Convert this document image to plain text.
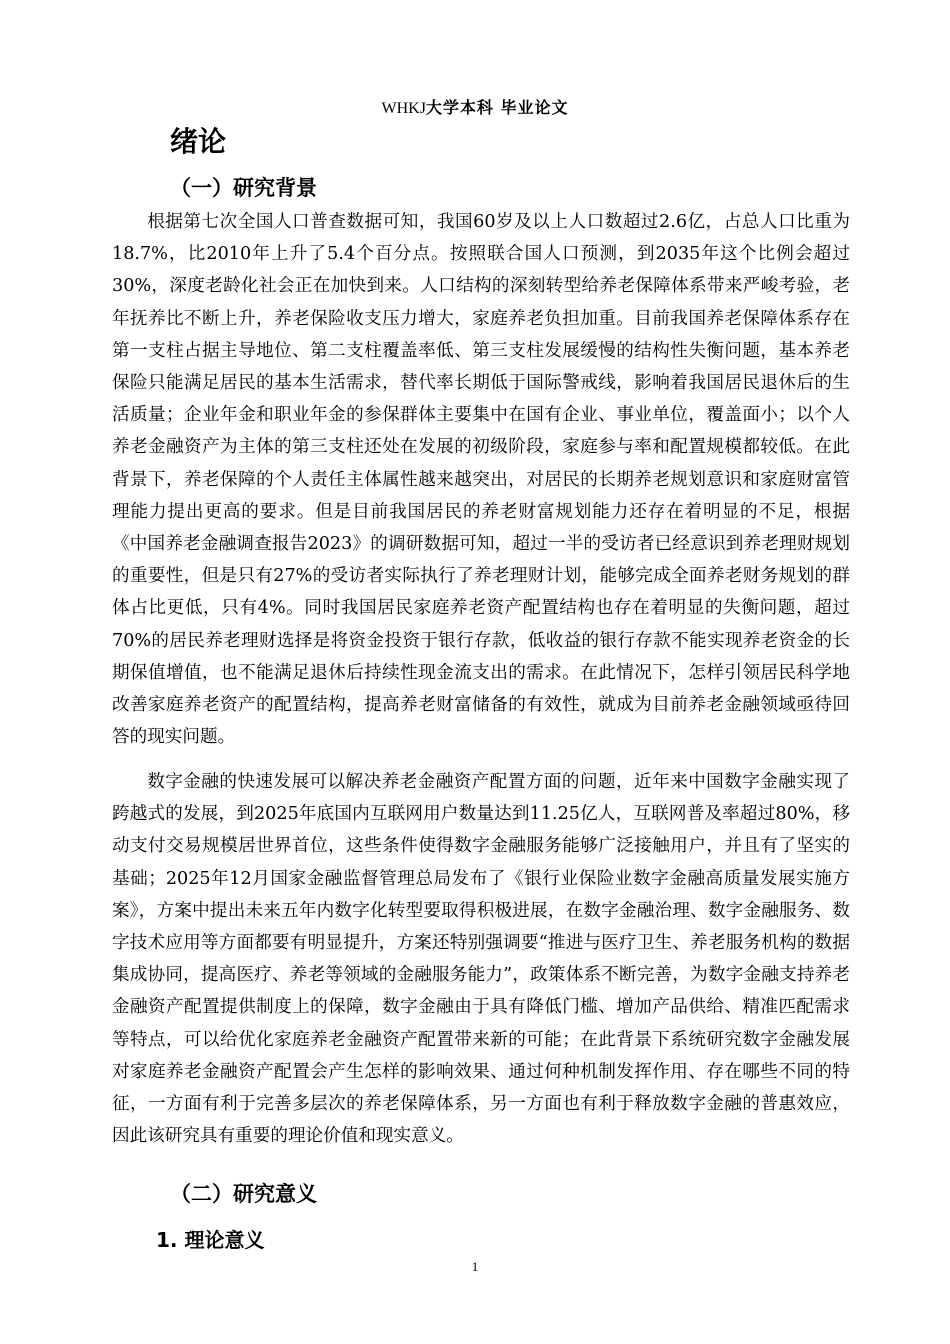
WHKJ大学本科 毕业论文
绪论
（一）研究背景

根据第七次全国人口普查数据可知，我国60岁及以上人口数超过2.6亿，占总人口比重为18.7%，比2010年上升了5.4个百分点。按照联合国人口预测，到2035年这个比例会超过30%，深度老龄化社会正在加快到来。人口结构的深刻转型给养老保障体系带来严峻考验，老年抚养比不断上升，养老保险收支压力增大，家庭养老负担加重。目前我国养老保障体系存在第一支柱占据主导地位、第二支柱覆盖率低、第三支柱发展缓慢的结构性失衡问题，基本养老保险只能满足居民的基本生活需求，替代率长期低于国际警戒线，影响着我国居民退休后的生活质量；企业年金和职业年金的参保群体主要集中在国有企业、事业单位，覆盖面小；以个人养老金融资产为主体的第三支柱还处在发展的初级阶段，家庭参与率和配置规模都较低。在此背景下，养老保障的个人责任主体属性越来越突出，对居民的长期养老规划意识和家庭财富管理能力提出更高的要求。但是目前我国居民的养老财富规划能力还存在着明显的不足，根据《中国养老金融调查报告2023》的调研数据可知，超过一半的受访者已经意识到养老理财规划的重要性，但是只有27%的受访者实际执行了养老理财计划，能够完成全面养老财务规划的群体占比更低，只有4%。同时我国居民家庭养老资产配置结构也存在着明显的失衡问题，超过70%的居民养老理财选择是将资金投资于银行存款，低收益的银行存款不能实现养老资金的长期保值增值，也不能满足退休后持续性现金流支出的需求。在此情况下，怎样引领居民科学地改善家庭养老资产的配置结构，提高养老财富储备的有效性，就成为目前养老金融领域亟待回答的现实问题。

数字金融的快速发展可以解决养老金融资产配置方面的问题，近年来中国数字金融实现了跨越式的发展，到2025年底国内互联网用户数量达到11.25亿人，互联网普及率超过80%，移动支付交易规模居世界首位，这些条件使得数字金融服务能够广泛接触用户，并且有了坚实的基础；2025年12月国家金融监督管理总局发布了《银行业保险业数字金融高质量发展实施方案》，方案中提出未来五年内数字化转型要取得积极进展，在数字金融治理、数字金融服务、数字技术应用等方面都要有明显提升，方案还特别强调要“推进与医疗卫生、养老服务机构的数据集成协同，提高医疗、养老等领域的金融服务能力”，政策体系不断完善，为数字金融支持养老金融资产配置提供制度上的保障，数字金融由于具有降低门槛、增加产品供给、精准匹配需求等特点，可以给优化家庭养老金融资产配置带来新的可能；在此背景下系统研究数字金融发展对家庭养老金融资产配置会产生怎样的影响效果、通过何种机制发挥作用、存在哪些不同的特征，一方面有利于完善多层次的养老保障体系，另一方面也有利于释放数字金融的普惠效应，因此该研究具有重要的理论价值和现实意义。

（二）研究意义
1. 理论意义
1
